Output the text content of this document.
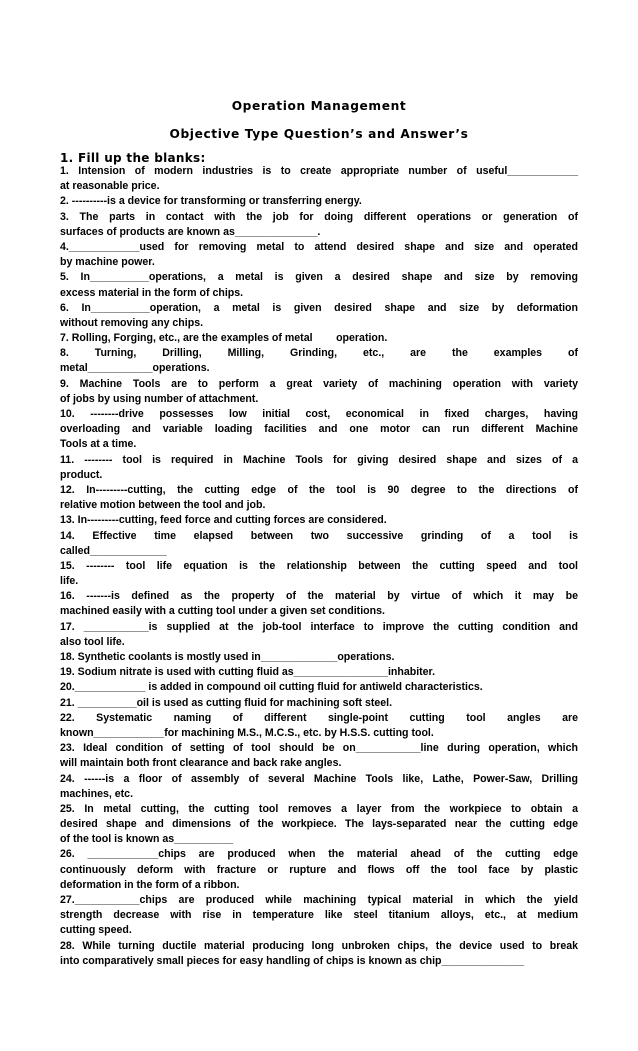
Operation Management
Objective Type Question’s and Answer’s
1. Fill up the blanks:
1. Intension of modern industries is to create appropriate number of useful____________
at reasonable price.
2. ----------is a device for transforming or transferring energy.
3. The parts in contact with the job for doing different operations or generation of
surfaces of products are known as______________.
4.____________used for removing metal to attend desired shape and size and operated
by machine power.
5. In__________operations, a metal is given a desired shape and size by removing
excess material in the form of chips.
6. In__________operation, a metal is given desired shape and size by deformation
without removing any chips.
7. Rolling, Forging, etc., are the examples of metal        operation.
8. Turning, Drilling, Milling, Grinding, etc., are the examples of
metal___________operations.
9. Machine Tools are to perform a great variety of machining operation with variety
of jobs by using number of attachment.
10. --------drive possesses low initial cost, economical in fixed charges, having
overloading and variable loading facilities and one motor can run different Machine
Tools at a time.
11. -------- tool is required in Machine Tools for giving desired shape and sizes of a
product.
12. In---------cutting, the cutting edge of the tool is 90 degree to the directions of
relative motion between the tool and job.
13. In---------cutting, feed force and cutting forces are considered.
14. Effective time elapsed between two successive grinding of a tool is
called_____________
15. -------- tool life equation is the relationship between the cutting speed and tool
life.
16. -------is defined as the property of the material by virtue of which it may be
machined easily with a cutting tool under a given set conditions.
17. ___________is supplied at the job-tool interface to improve the cutting condition and
also tool life.
18. Synthetic coolants is mostly used in_____________operations.
19. Sodium nitrate is used with cutting fluid as________________inhabiter.
20.____________ is added in compound oil cutting fluid for antiweld characteristics.
21. __________oil is used as cutting fluid for machining soft steel.
22. Systematic naming of different single-point cutting tool angles are
known____________for machining M.S., M.C.S., etc. by H.S.S. cutting tool.
23. Ideal condition of setting of tool should be on___________line during operation, which
will maintain both front clearance and back rake angles.
24. ------is a floor of assembly of several Machine Tools like, Lathe, Power-Saw, Drilling
machines, etc.
25. In metal cutting, the cutting tool removes a layer from the workpiece to obtain a
desired shape and dimensions of the workpiece. The lays-separated near the cutting edge
of the tool is known as__________
26. ____________chips are produced when the material ahead of the cutting edge
continuously deform with fracture or rupture and flows off the tool face by plastic
deformation in the form of a ribbon.
27.___________chips are produced while machining typical material in which the yield
strength decrease with rise in temperature like steel titanium alloys, etc., at medium
cutting speed.
28. While turning ductile material producing long unbroken chips, the device used to break
into comparatively small pieces for easy handling of chips is known as chip______________
